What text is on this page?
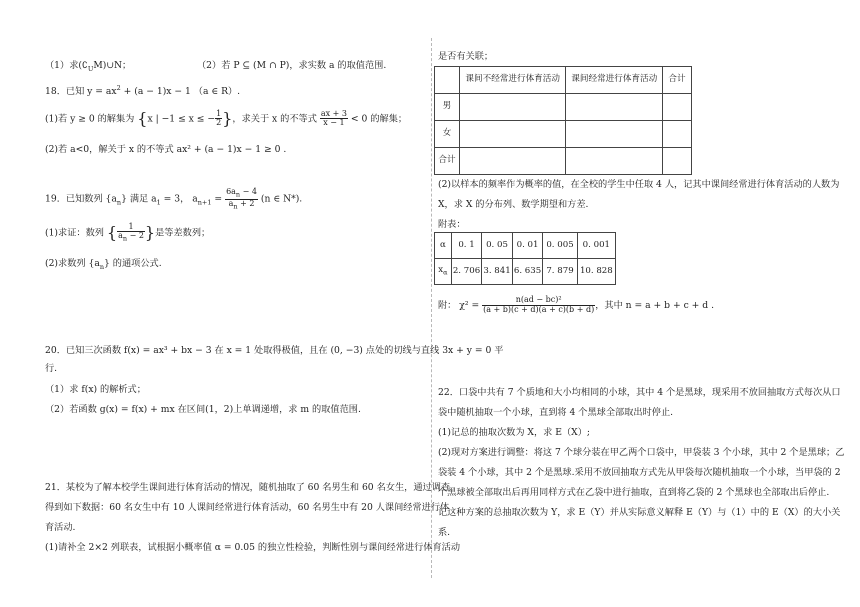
（1）求$(∁_UM)\cup N$；	（2）若 P ⊆ (M ∩ P)，求实数 a 的取值范围.
18．已知 $y = ax^2 + (a - 1)x - 1$ （a ∈ R）.
(1)若 y ≥ 0 的解集为 {x | −1 ≤ x ≤ − $\frac{1}{2}$ }，求关于 x 的不等式 $\frac{ax + 3}{x - 1} < 0$ 的解集；
(2)若 a<0，解关于 x 的不等式 ax² + (a − 1)x − 1 ≥ 0 .
19．已知数列 $\{a_n\}$ 满足 $a_1 = 3$， $a_{n+1} = \frac{6a_n - 4}{a_n + 2} (n$ ∈ N*).
(1)求证：数列 { $\frac{1}{a_n - 2}$ }是等差数列；
(2)求数列 $\{a_n\}$ 的通项公式.
20．已知三次函数 f(x) = ax³ + bx − 3 在 x = 1 处取得极值，且在 (0, −3) 点处的切线与直线 3x + y = 0 平
行.
（1）求 f(x) 的解析式；
（2）若函数 g(x) = f(x) + mx 在区间(1，2)上单调递增，求 m 的取值范围.
21．某校为了解本校学生课间进行体育活动的情况，随机抽取了 60 名男生和 60 名女生，通过调查
得到如下数据：60 名女生中有 10 人课间经常进行体育活动，60 名男生中有 20 人课间经常进行体
育活动.
(1)请补全 2×2 列联表，试根据小概率值 α = 0.05 的独立性检验，判断性别与课间经常进行体育活动
是否有关联；
	课间不经常进行体育活动	课间经常进行体育活动	合计
男			
女			
合计			
(2)以样本的频率作为概率的值，在全校的学生中任取 4 人，记其中课间经常进行体育活动的人数为
X，求 X 的分布列、数学期望和方差.
附表：
α	0. 1	0. 05	0. 01	0. 005	0. 001
$x_\alpha$	2. 706	3. 841	6. 635	7. 879	10. 828
附： $\chi^2 = \frac{\text{n(ad − bc)²}}{(a + b)(c + d)(a + c)(b + d)}$ ，其中 n = a + b + c + d .
22．口袋中共有 7 个质地和大小均相同的小球，其中 4 个是黑球，现采用不放回抽取方式每次从口
袋中随机抽取一个小球，直到将 4 个黑球全部取出时停止.
(1)记总的抽取次数为 X，求 E（X）;
(2)现对方案进行调整：将这 7 个球分装在甲乙两个口袋中，甲袋装 3 个小球，其中 2 个是黑球；乙
袋装 4 个小球，其中 2 个是黑球.采用不放回抽取方式先从甲袋每次随机抽取一个小球，当甲袋的 2
个黑球被全部取出后再用同样方式在乙袋中进行抽取，直到将乙袋的 2 个黑球也全部取出后停止.
记这种方案的总抽取次数为 Y，求 E（Y）并从实际意义解释 E（Y）与（1）中的 E（X）的大小关
系.
